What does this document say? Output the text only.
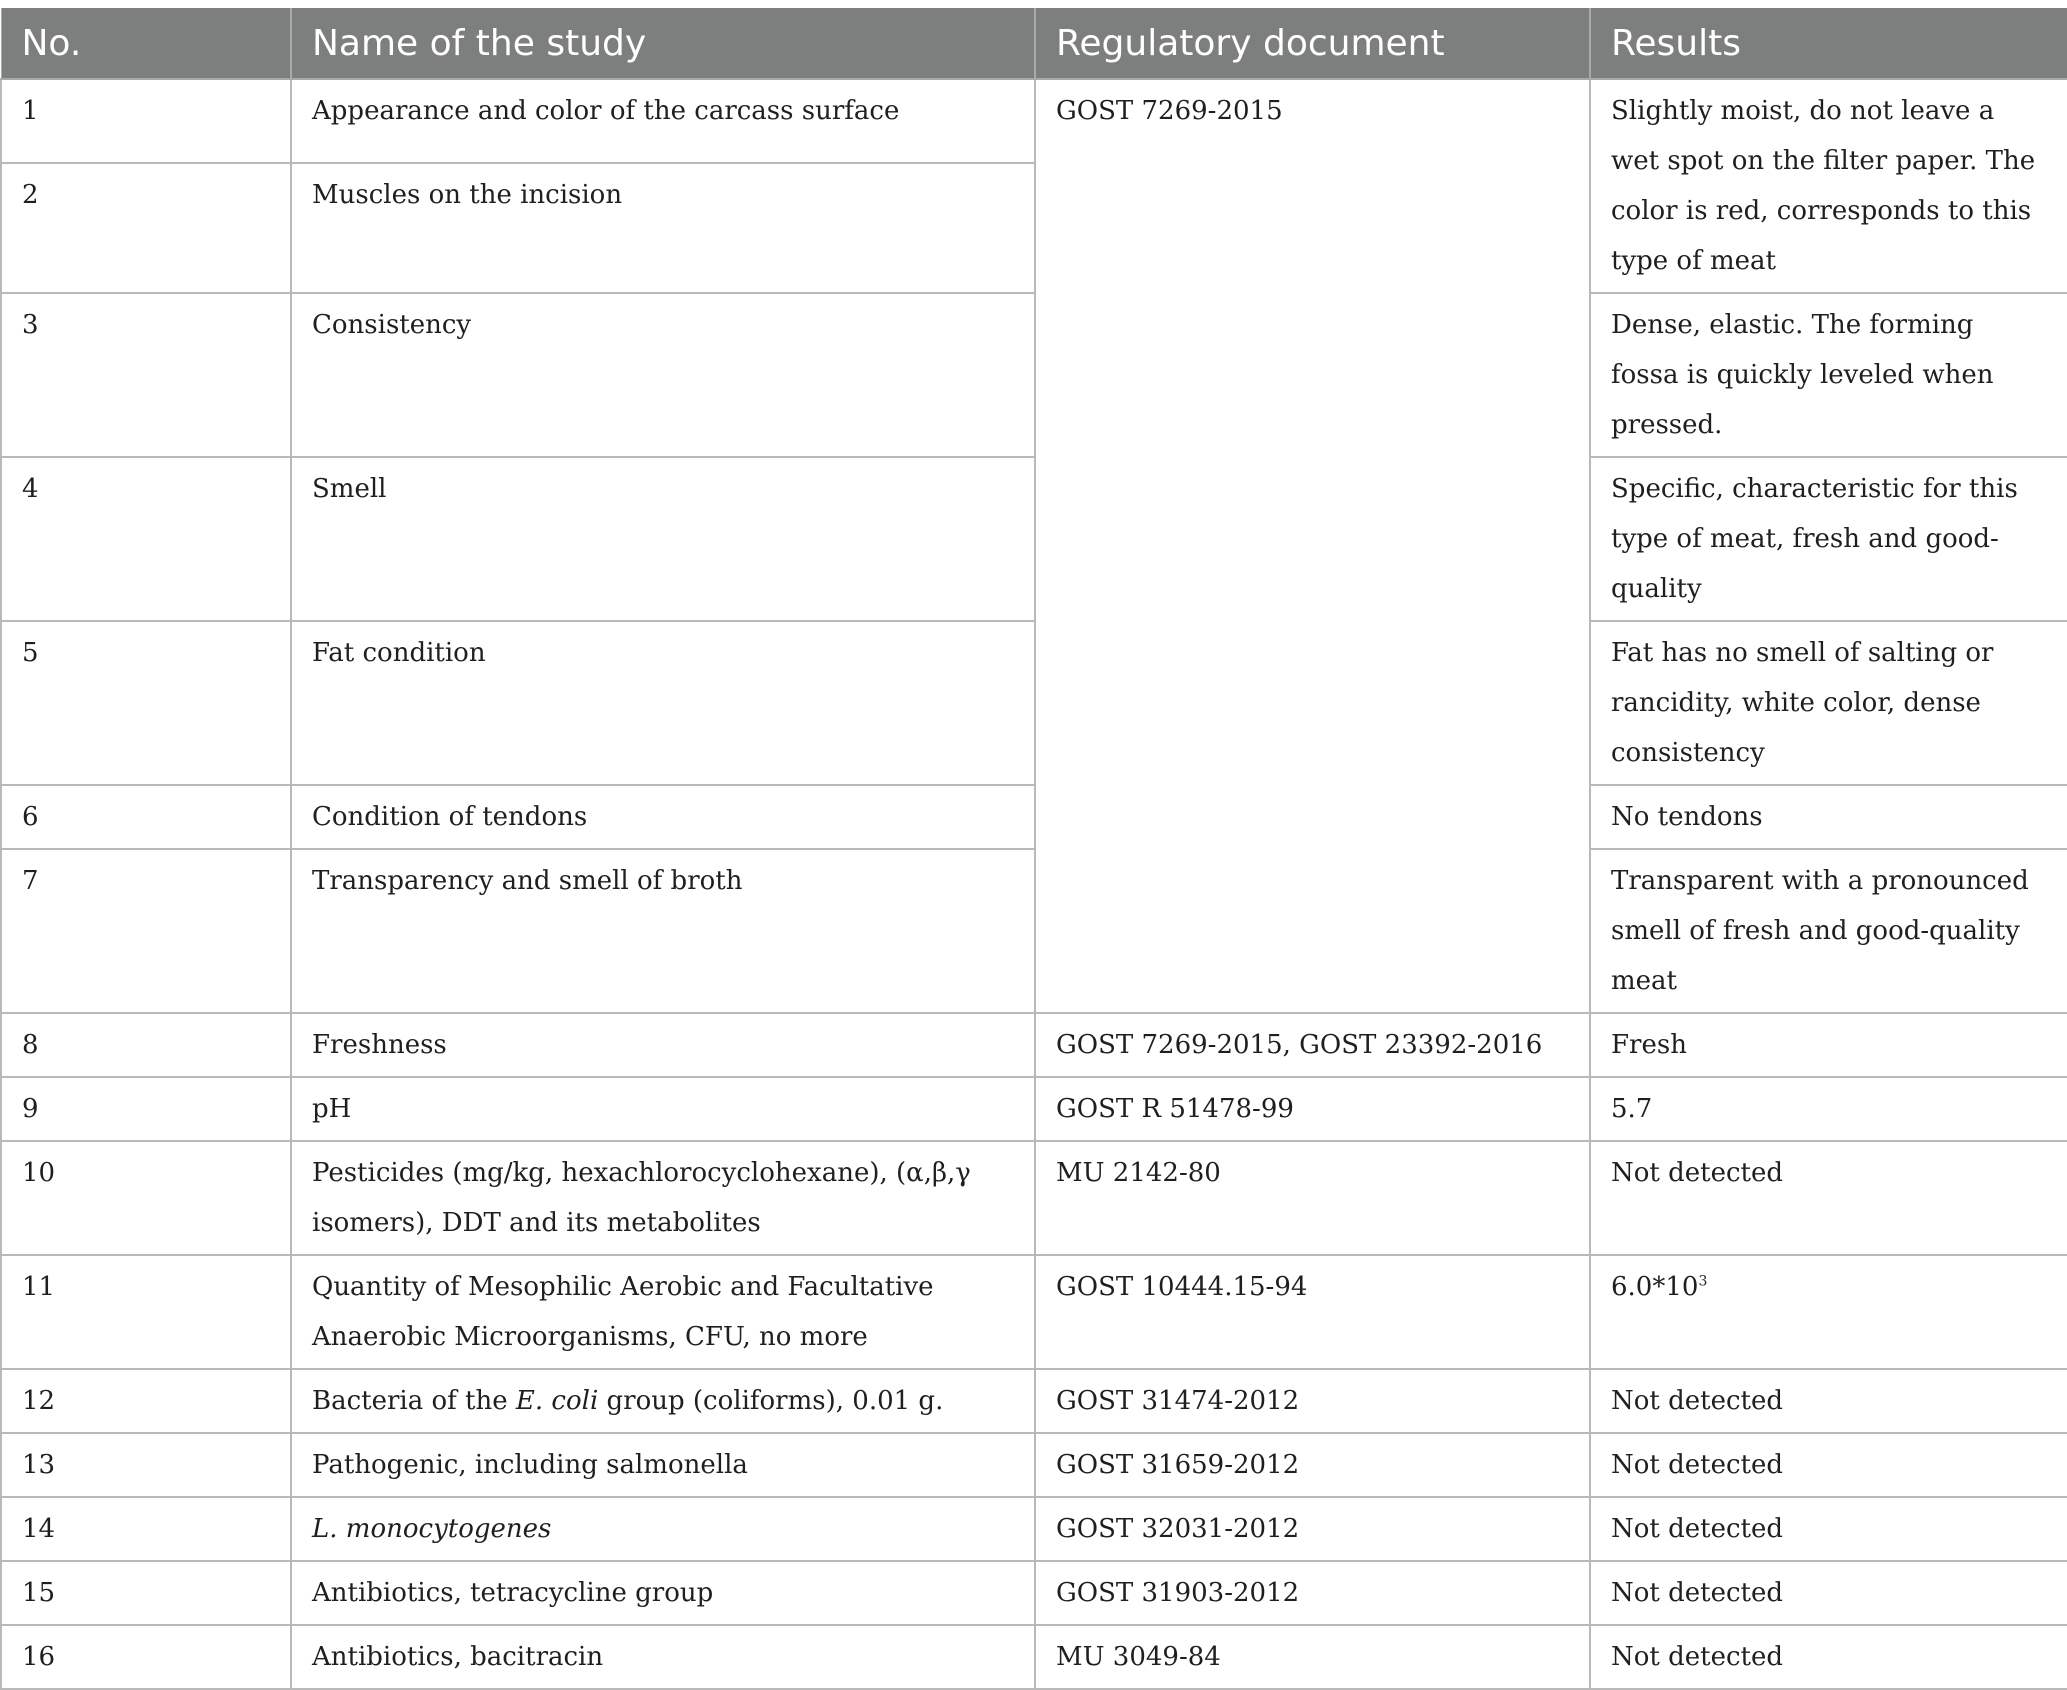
No.	Name of the study	Regulatory document	Results
1	Appearance and color of the carcass surface	GOST 7269-2015	Slightly moist, do not leave a wet spot on the filter paper. The color is red, corresponds to this type of meat
2	Muscles on the incision		
3	Consistency		Dense, elastic. The forming fossa is quickly leveled when pressed.
4	Smell		Specific, characteristic for this type of meat, fresh and good-quality
5	Fat condition		Fat has no smell of salting or rancidity, white color, dense consistency
6	Condition of tendons		No tendons
7	Transparency and smell of broth		Transparent with a pronounced smell of fresh and good-quality meat
8	Freshness	GOST 7269-2015, GOST 23392-2016	Fresh
9	pH	GOST R 51478-99	5.7
10	Pesticides (mg/kg, hexachlorocyclohexane), (α,β,γ isomers), DDT and its metabolites	MU 2142-80	Not detected
11	Quantity of Mesophilic Aerobic and Facultative Anaerobic Microorganisms, CFU, no more	GOST 10444.15-94	$6.0*10^3$
12	Bacteria of the E. coli group (coliforms), 0.01 g.	GOST 31474-2012	Not detected
13	Pathogenic, including salmonella	GOST 31659-2012	Not detected
14	L. monocytogenes	GOST 32031-2012	Not detected
15	Antibiotics, tetracycline group	GOST 31903-2012	Not detected
16	Antibiotics, bacitracin	MU 3049-84	Not detected
